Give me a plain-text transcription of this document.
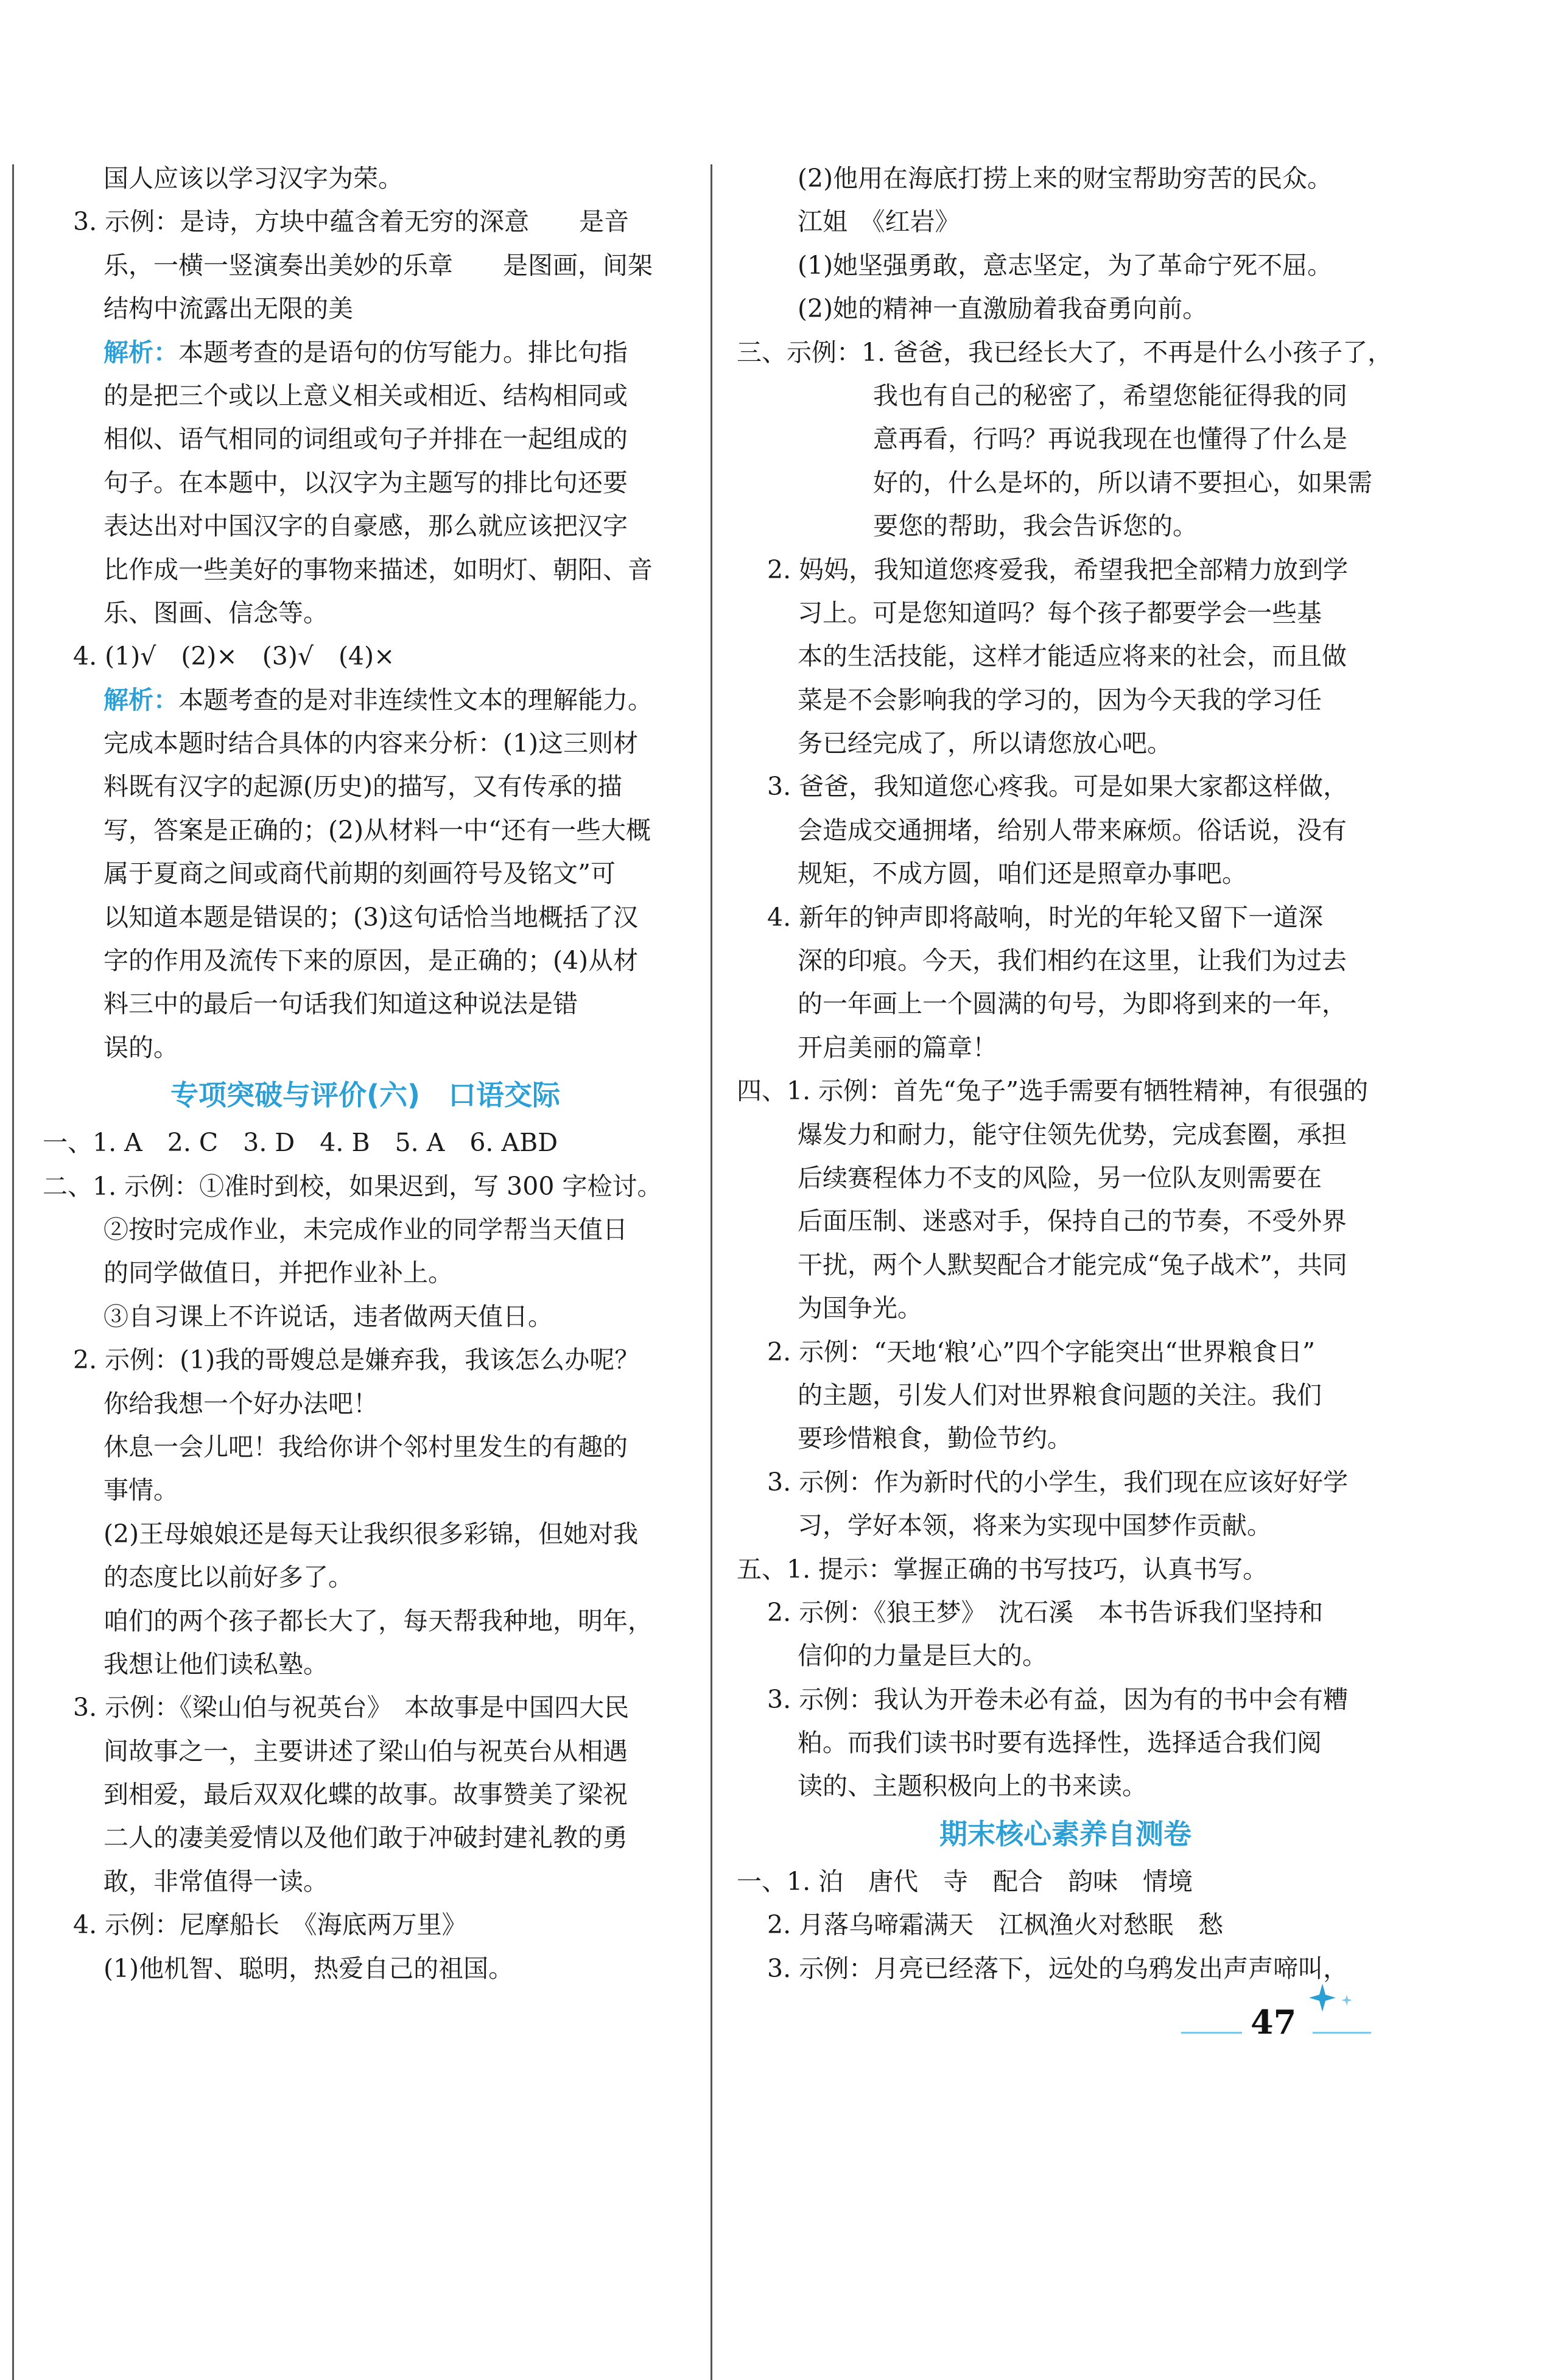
国人应该以学习汉字为荣。
3. 示例：是诗，方块中蕴含着无穷的深意　　是音
乐，一横一竖演奏出美妙的乐章　　是图画，间架
结构中流露出无限的美
解析：本题考查的是语句的仿写能力。排比句指
的是把三个或以上意义相关或相近、结构相同或
相似、语气相同的词组或句子并排在一起组成的
句子。在本题中，以汉字为主题写的排比句还要
表达出对中国汉字的自豪感，那么就应该把汉字
比作成一些美好的事物来描述，如明灯、朝阳、音
乐、图画、信念等。
4. (1)√　(2)×　(3)√　(4)×
解析：本题考查的是对非连续性文本的理解能力。
完成本题时结合具体的内容来分析：(1)这三则材
料既有汉字的起源(历史)的描写，又有传承的描
写，答案是正确的；(2)从材料一中“还有一些大概
属于夏商之间或商代前期的刻画符号及铭文”可
以知道本题是错误的；(3)这句话恰当地概括了汉
字的作用及流传下来的原因，是正确的；(4)从材
料三中的最后一句话我们知道这种说法是错
误的。
专项突破与评价(六)　口语交际
一、1. A　2. C　3. D　4. B　5. A　6. ABD
二、1. 示例：①准时到校，如果迟到，写 300 字检讨。
②按时完成作业，未完成作业的同学帮当天值日
的同学做值日，并把作业补上。
③自习课上不许说话，违者做两天值日。
2. 示例：(1)我的哥嫂总是嫌弃我，我该怎么办呢？
你给我想一个好办法吧！
休息一会儿吧！我给你讲个邻村里发生的有趣的
事情。
(2)王母娘娘还是每天让我织很多彩锦，但她对我
的态度比以前好多了。
咱们的两个孩子都长大了，每天帮我种地，明年，
我想让他们读私塾。
3. 示例：《梁山伯与祝英台》　本故事是中国四大民
间故事之一，主要讲述了梁山伯与祝英台从相遇
到相爱，最后双双化蝶的故事。故事赞美了梁祝
二人的凄美爱情以及他们敢于冲破封建礼教的勇
敢，非常值得一读。
4. 示例：尼摩船长　《海底两万里》
(1)他机智、聪明，热爱自己的祖国。
(2)他用在海底打捞上来的财宝帮助穷苦的民众。
江姐　《红岩》
(1)她坚强勇敢，意志坚定，为了革命宁死不屈。
(2)她的精神一直激励着我奋勇向前。
三、示例：1. 爸爸，我已经长大了，不再是什么小孩子了，
我也有自己的秘密了，希望您能征得我的同
意再看，行吗？再说我现在也懂得了什么是
好的，什么是坏的，所以请不要担心，如果需
要您的帮助，我会告诉您的。
2. 妈妈，我知道您疼爱我，希望我把全部精力放到学
习上。可是您知道吗？每个孩子都要学会一些基
本的生活技能，这样才能适应将来的社会，而且做
菜是不会影响我的学习的，因为今天我的学习任
务已经完成了，所以请您放心吧。
3. 爸爸，我知道您心疼我。可是如果大家都这样做，
会造成交通拥堵，给别人带来麻烦。俗话说，没有
规矩，不成方圆，咱们还是照章办事吧。
4. 新年的钟声即将敲响，时光的年轮又留下一道深
深的印痕。今天，我们相约在这里，让我们为过去
的一年画上一个圆满的句号，为即将到来的一年，
开启美丽的篇章！
四、1. 示例：首先“兔子”选手需要有牺牲精神，有很强的
爆发力和耐力，能守住领先优势，完成套圈，承担
后续赛程体力不支的风险，另一位队友则需要在
后面压制、迷惑对手，保持自己的节奏，不受外界
干扰，两个人默契配合才能完成“兔子战术”，共同
为国争光。
2. 示例：“天地‘粮’心”四个字能突出“世界粮食日”
的主题，引发人们对世界粮食问题的关注。我们
要珍惜粮食，勤俭节约。
3. 示例：作为新时代的小学生，我们现在应该好好学
习，学好本领，将来为实现中国梦作贡献。
五、1. 提示：掌握正确的书写技巧，认真书写。
2. 示例：《狼王梦》　沈石溪　本书告诉我们坚持和
信仰的力量是巨大的。
3. 示例：我认为开卷未必有益，因为有的书中会有糟
粕。而我们读书时要有选择性，选择适合我们阅
读的、主题积极向上的书来读。
期末核心素养自测卷
一、1. 泊　唐代　寺　配合　韵味　情境
2. 月落乌啼霜满天　江枫渔火对愁眠　愁
3. 示例：月亮已经落下，远处的乌鸦发出声声啼叫，
47
